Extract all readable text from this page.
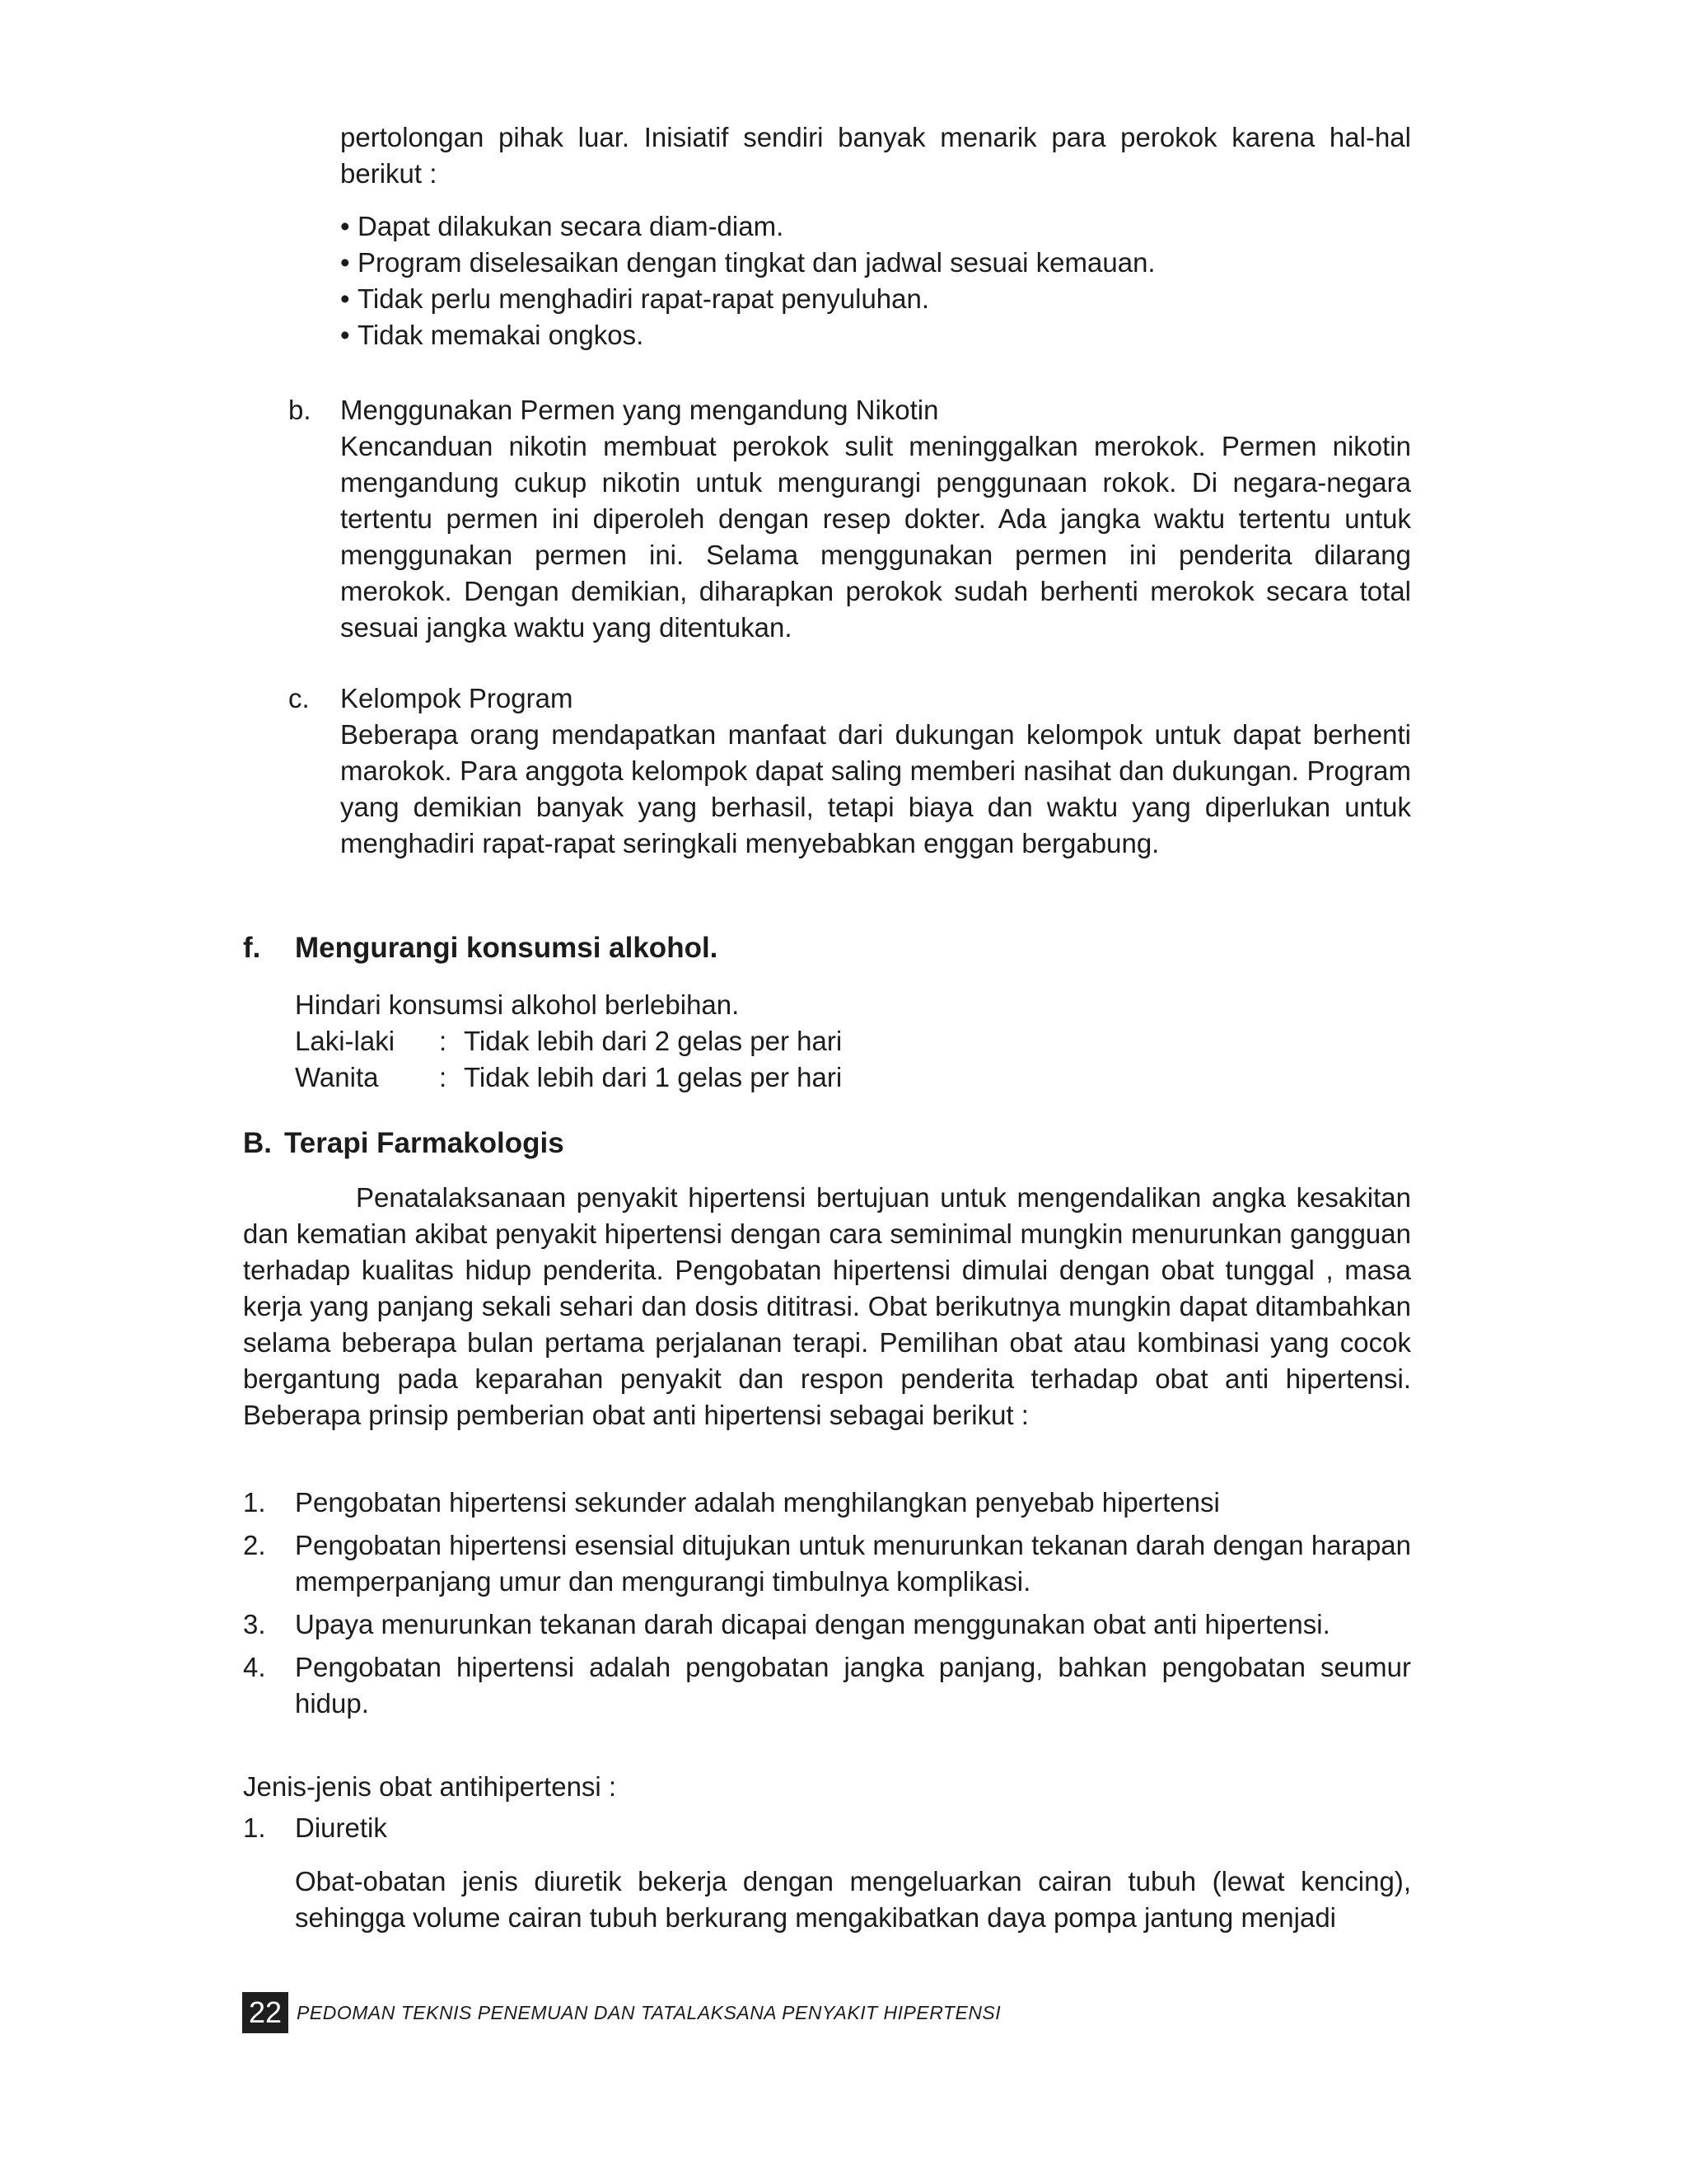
pertolongan pihak luar. Inisiatif sendiri banyak menarik para perokok karena hal-hal berikut :

• Dapat dilakukan secara diam-diam.
• Program diselesaikan dengan tingkat dan jadwal sesuai kemauan.
• Tidak perlu menghadiri rapat-rapat penyuluhan.
• Tidak memakai ongkos.
b.	Menggunakan Permen yang mengandung Nikotin

Kencanduan nikotin membuat perokok sulit meninggalkan merokok. Permen nikotin mengandung cukup nikotin untuk mengurangi penggunaan rokok. Di negara-negara tertentu permen ini diperoleh dengan resep dokter. Ada jangka waktu tertentu untuk menggunakan permen ini. Selama menggunakan permen ini penderita dilarang merokok. Dengan demikian, diharapkan perokok sudah berhenti merokok secara total sesuai jangka waktu yang ditentukan.

c.	Kelompok Program

Beberapa orang mendapatkan manfaat dari dukungan kelompok untuk dapat berhenti marokok. Para anggota kelompok dapat saling memberi nasihat dan dukungan. Program yang demikian banyak yang berhasil, tetapi biaya dan waktu yang diperlukan untuk menghadiri rapat-rapat seringkali menyebabkan enggan bergabung.

f. Mengurangi konsumsi alkohol.
Hindari konsumsi alkohol berlebihan.
Laki-laki	: Tidak lebih dari 2 gelas per hari
Wanita	: Tidak lebih dari 1 gelas per hari
B. Terapi Farmakologis

Penatalaksanaan penyakit hipertensi bertujuan untuk mengendalikan angka kesakitan dan kematian akibat penyakit hipertensi dengan cara seminimal mungkin menurunkan gangguan terhadap kualitas hidup penderita. Pengobatan hipertensi dimulai dengan obat tunggal , masa kerja yang panjang sekali sehari dan dosis dititrasi. Obat berikutnya mungkin dapat ditambahkan selama beberapa bulan pertama perjalanan terapi. Pemilihan obat atau kombinasi yang cocok bergantung pada keparahan penyakit dan respon penderita terhadap obat anti hipertensi. Beberapa prinsip pemberian obat anti hipertensi sebagai berikut :

1. Pengobatan hipertensi sekunder adalah menghilangkan penyebab hipertensi
2. Pengobatan hipertensi esensial ditujukan untuk menurunkan tekanan darah dengan harapan memperpanjang umur dan mengurangi timbulnya komplikasi.
3. Upaya menurunkan tekanan darah dicapai dengan menggunakan obat anti hipertensi.
4. Pengobatan hipertensi adalah pengobatan jangka panjang, bahkan pengobatan seumur hidup.

Jenis-jenis obat antihipertensi :

1. Diuretik

Obat-obatan jenis diuretik bekerja dengan mengeluarkan cairan tubuh (lewat kencing), sehingga volume cairan tubuh berkurang mengakibatkan daya pompa jantung menjadi

22 PEDOMAN TEKNIS PENEMUAN DAN TATALAKSANA PENYAKIT HIPERTENSI
